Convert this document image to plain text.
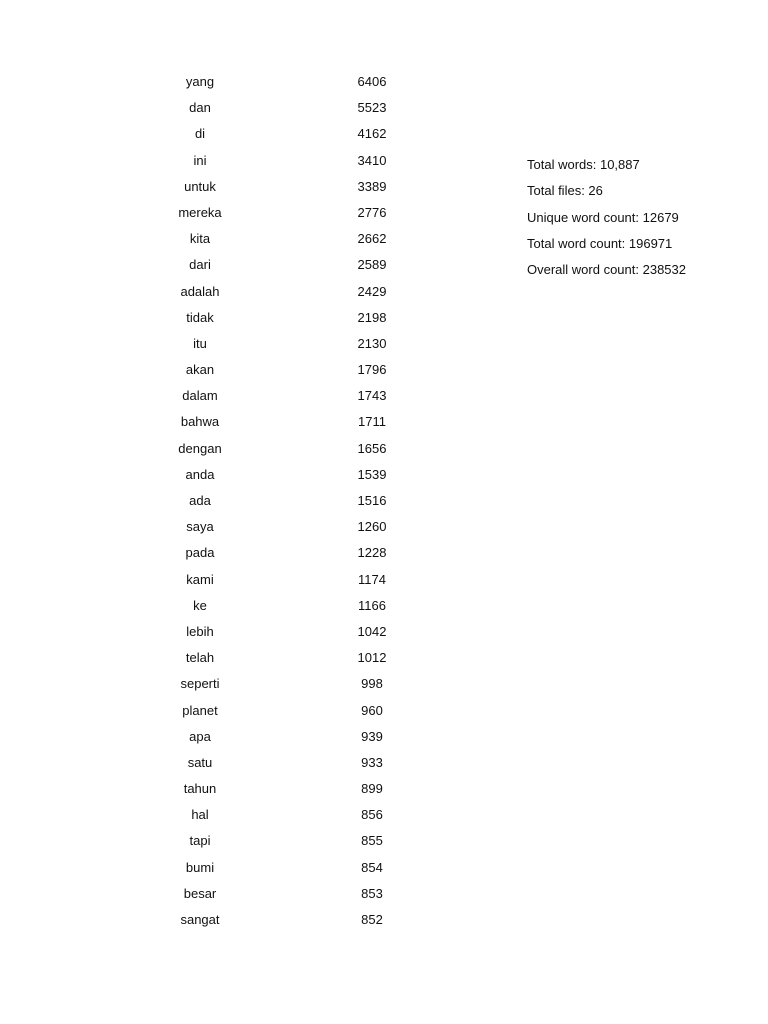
yang	6406
dan	5523
di	4162
ini	3410
untuk	3389
mereka	2776
kita	2662
dari	2589
adalah	2429
tidak	2198
itu	2130
akan	1796
dalam	1743
bahwa	1711
dengan	1656
anda	1539
ada	1516
saya	1260
pada	1228
kami	1174
ke	1166
lebih	1042
telah	1012
seperti	998
planet	960
apa	939
satu	933
tahun	899
hal	856
tapi	855
bumi	854
besar	853
sangat	852
Total words: 10,887
Total files: 26
Unique word count: 12679
Total word count: 196971
Overall word count: 238532
